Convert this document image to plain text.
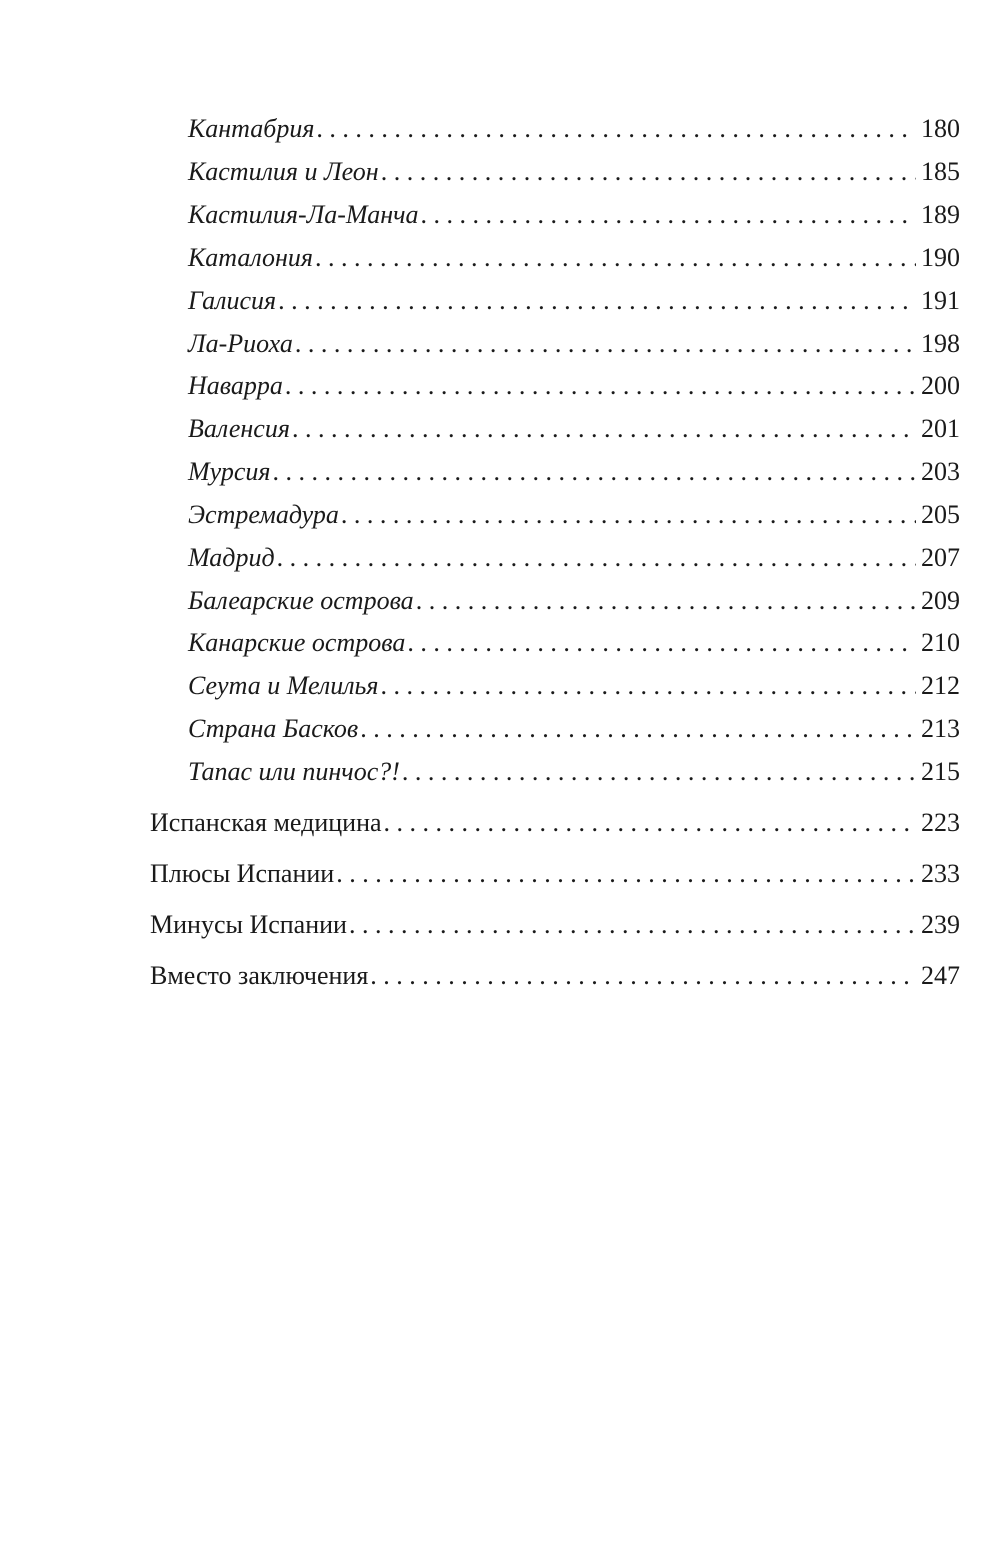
Кантабрия . . .	180
Кастилия и Леон . . .	185
Кастилия-Ла-Манча . . .	189
Каталония . . .	190
Галисия . . .	191
Ла-Риоха . . .	198
Наварра . . .	200
Валенсия . . .	201
Мурсия . . .	203
Эстремадура . . .	205
Мадрид . . .	207
Балеарские острова . . .	209
Канарские острова . . .	210
Сеута и Мелилья . . .	212
Страна Басков . . .	213
Тапас или пинчос?! . . .	215
Испанская медицина . . .	223
Плюсы Испании . . .	233
Минусы Испании . . .	239
Вместо заключения . . .	247
